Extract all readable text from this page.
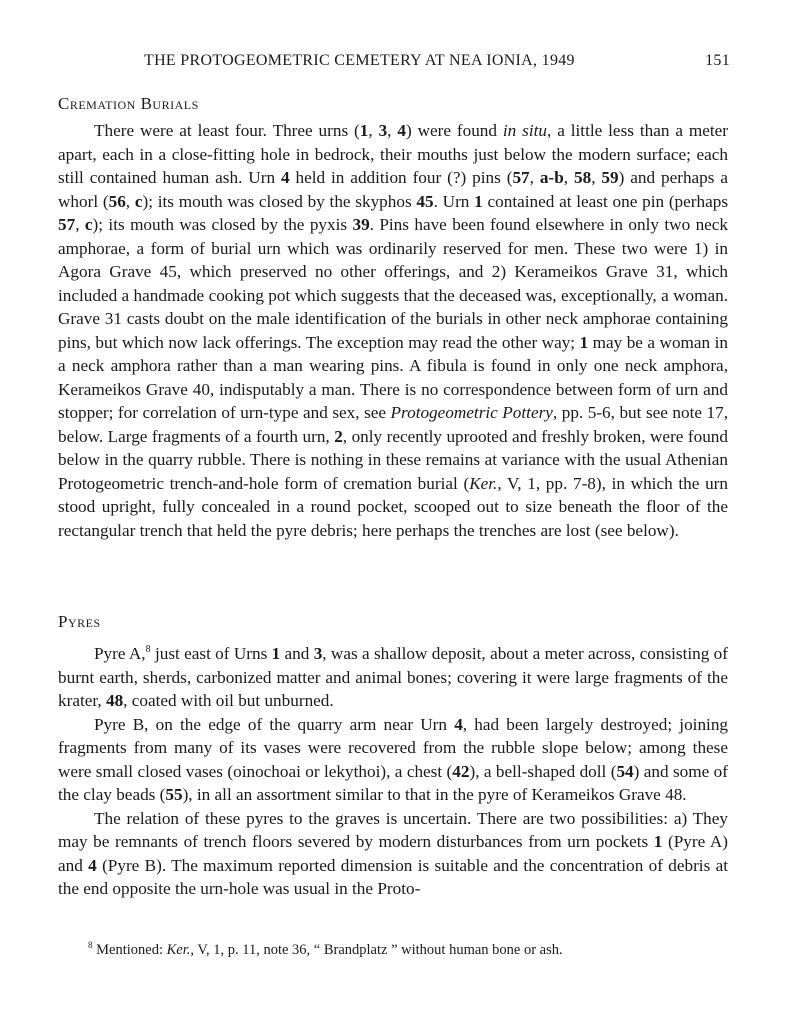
THE PROTOGEOMETRIC CEMETERY AT NEA IONIA, 1949	151
Cremation Burials

There were at least four. Three urns (1, 3, 4) were found in situ, a little less than a meter apart, each in a close-fitting hole in bedrock, their mouths just below the modern surface; each still contained human ash. Urn 4 held in addition four (?) pins (57, a-b, 58, 59) and perhaps a whorl (56, c); its mouth was closed by the skyphos 45. Urn 1 contained at least one pin (perhaps 57, c); its mouth was closed by the pyxis 39. Pins have been found elsewhere in only two neck amphorae, a form of burial urn which was ordinarily reserved for men. These two were 1) in Agora Grave 45, which preserved no other offerings, and 2) Kerameikos Grave 31, which included a handmade cooking pot which suggests that the deceased was, exceptionally, a woman. Grave 31 casts doubt on the male identification of the burials in other neck amphorae containing pins, but which now lack offerings. The exception may read the other way; 1 may be a woman in a neck amphora rather than a man wearing pins. A fibula is found in only one neck amphora, Kerameikos Grave 40, indisputably a man. There is no correspondence between form of urn and stopper; for correlation of urn-type and sex, see Protogeometric Pottery, pp. 5-6, but see note 17, below. Large fragments of a fourth urn, 2, only recently uprooted and freshly broken, were found below in the quarry rubble. There is nothing in these remains at variance with the usual Athenian Protogeometric trench-and-hole form of cremation burial (Ker., V, 1, pp. 7-8), in which the urn stood upright, fully concealed in a round pocket, scooped out to size beneath the floor of the rectangular trench that held the pyre debris; here perhaps the trenches are lost (see below).

Pyres

Pyre A,$^8$ just east of Urns 1 and 3, was a shallow deposit, about a meter across, consisting of burnt earth, sherds, carbonized matter and animal bones; covering it were large fragments of the krater, 48, coated with oil but unburned.

Pyre B, on the edge of the quarry arm near Urn 4, had been largely destroyed; joining fragments from many of its vases were recovered from the rubble slope below; among these were small closed vases (oinochoai or lekythoi), a chest (42), a bell-shaped doll (54) and some of the clay beads (55), in all an assortment similar to that in the pyre of Kerameikos Grave 48.

The relation of these pyres to the graves is uncertain. There are two possibilities: a) They may be remnants of trench floors severed by modern disturbances from urn pockets 1 (Pyre A) and 4 (Pyre B). The maximum reported dimension is suitable and the concentration of debris at the end opposite the urn-hole was usual in the Proto-

$^8$ Mentioned: Ker., V, 1, p. 11, note 36, “ Brandplatz ” without human bone or ash.
